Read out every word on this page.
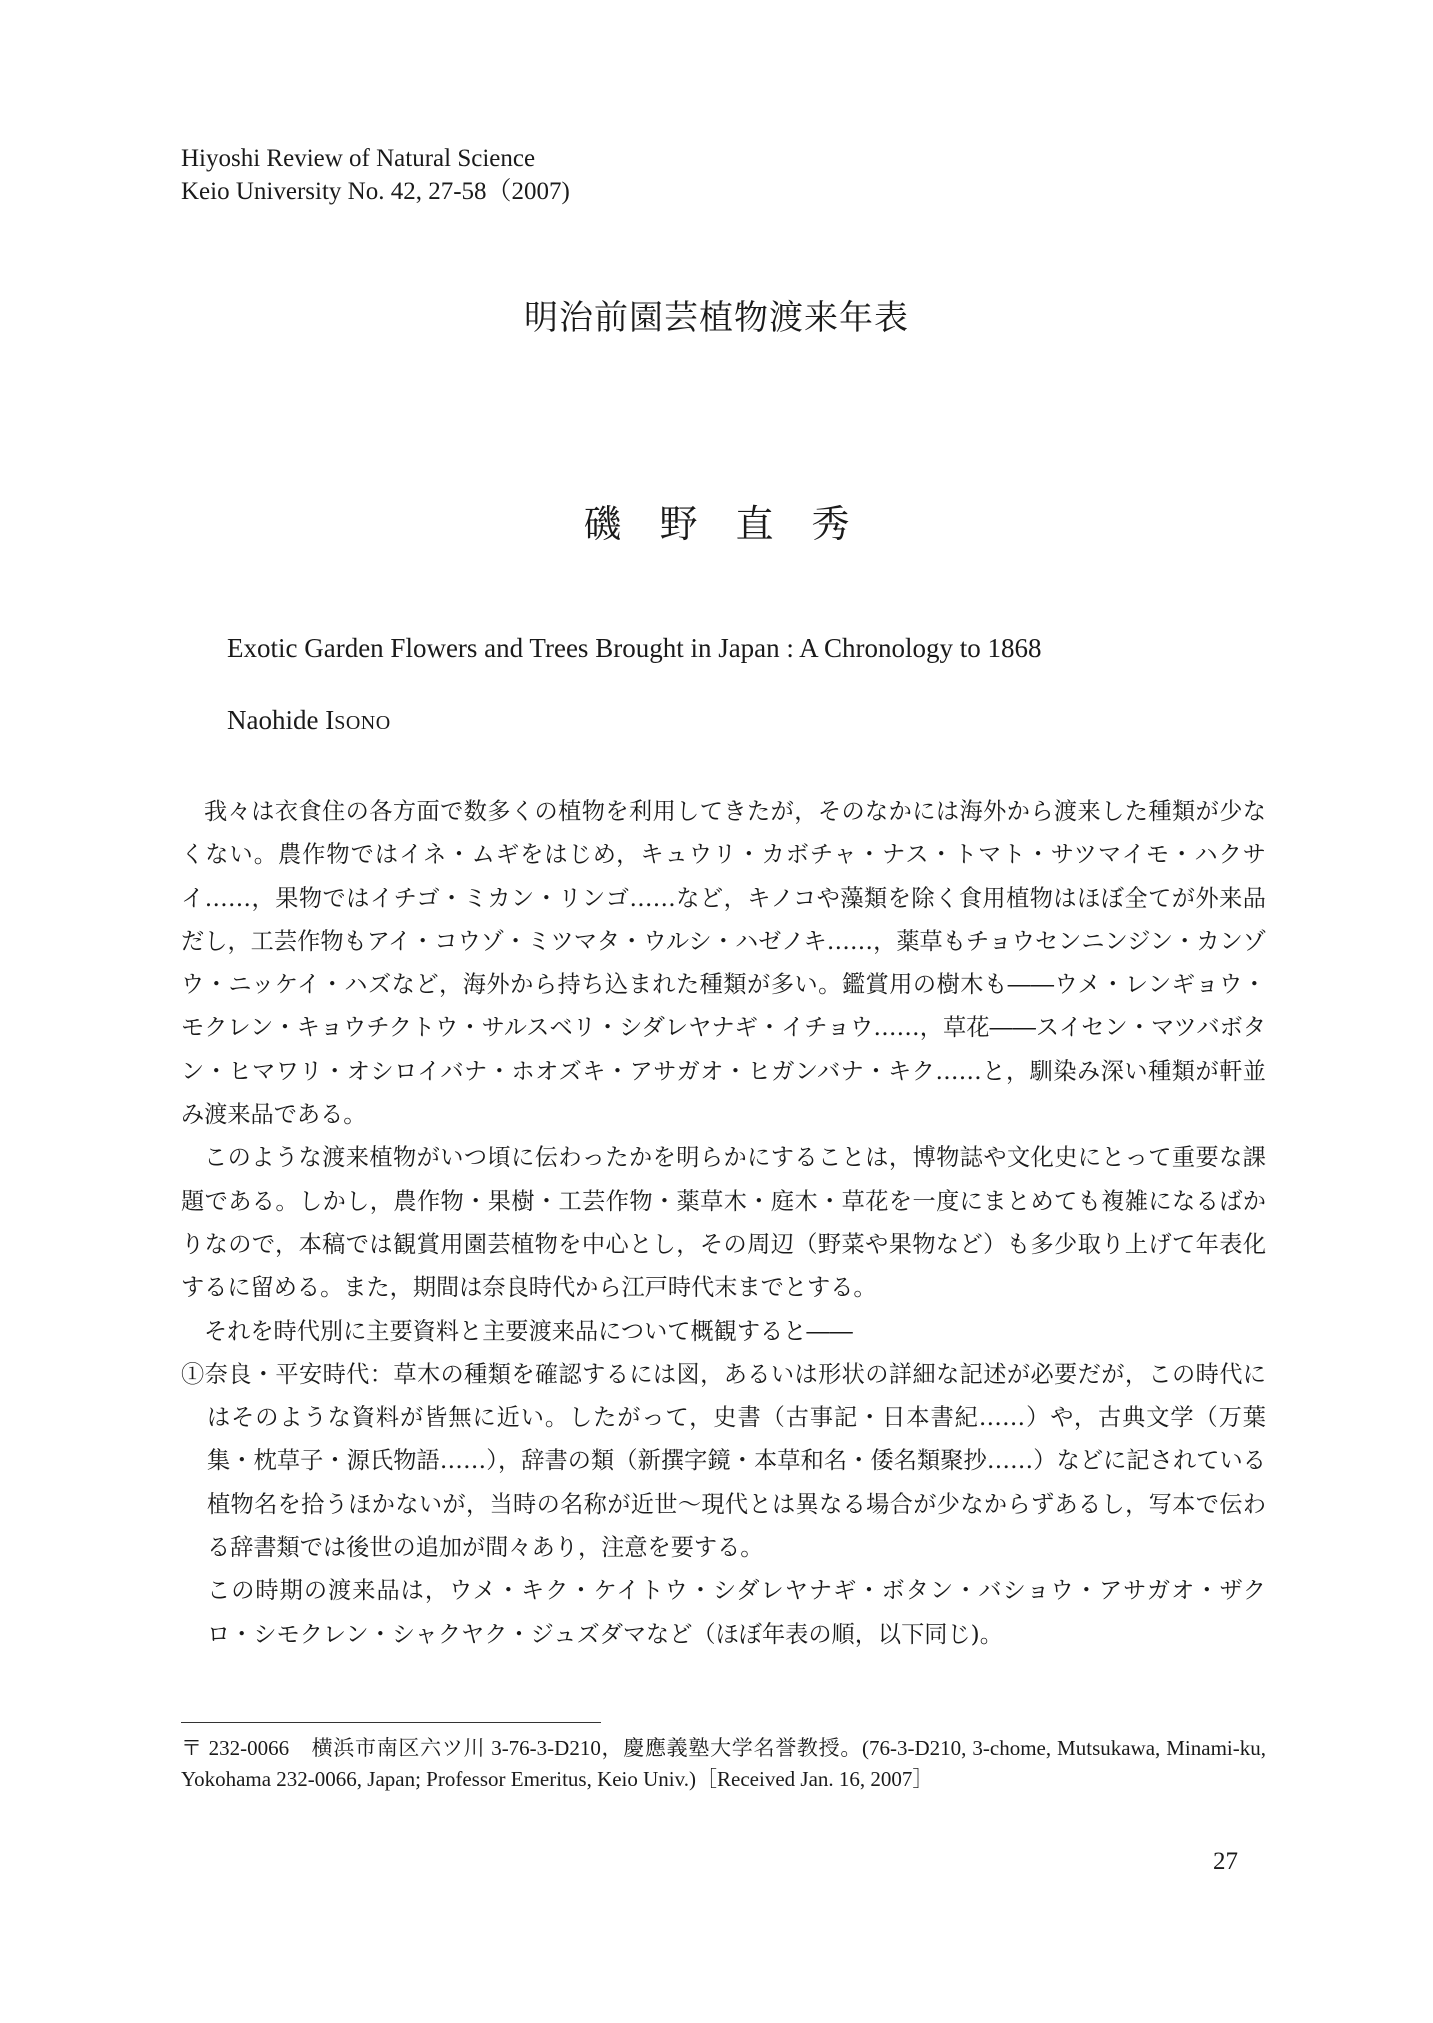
Hiyoshi Review of Natural Science
Keio University No. 42, 27-58（2007)
明治前園芸植物渡来年表
磯野直秀
Exotic Garden Flowers and Trees Brought in Japan : A Chronology to 1868
Naohide ISONO

我々は衣食住の各方面で数多くの植物を利用してきたが，そのなかには海外から渡来した種類が少なくない。農作物ではイネ・ムギをはじめ，キュウリ・カボチャ・ナス・トマト・サツマイモ・ハクサイ……，果物ではイチゴ・ミカン・リンゴ……など，キノコや藻類を除く食用植物はほぼ全てが外来品だし，工芸作物もアイ・コウゾ・ミツマタ・ウルシ・ハゼノキ……，薬草もチョウセンニンジン・カンゾウ・ニッケイ・ハズなど，海外から持ち込まれた種類が多い。鑑賞用の樹木も――ウメ・レンギョウ・モクレン・キョウチクトウ・サルスベリ・シダレヤナギ・イチョウ……，草花――スイセン・マツバボタン・ヒマワリ・オシロイバナ・ホオズキ・アサガオ・ヒガンバナ・キク……と，馴染み深い種類が軒並み渡来品である。

このような渡来植物がいつ頃に伝わったかを明らかにすることは，博物誌や文化史にとって重要な課題である。しかし，農作物・果樹・工芸作物・薬草木・庭木・草花を一度にまとめても複雑になるばかりなので，本稿では観賞用園芸植物を中心とし，その周辺（野菜や果物など）も多少取り上げて年表化するに留める。また，期間は奈良時代から江戸時代末までとする。

それを時代別に主要資料と主要渡来品について概観すると――

①奈良・平安時代：草木の種類を確認するには図，あるいは形状の詳細な記述が必要だが，この時代にはそのような資料が皆無に近い。したがって，史書（古事記・日本書紀……）や，古典文学（万葉集・枕草子・源氏物語……），辞書の類（新撰字鏡・本草和名・倭名類聚抄……）などに記されている植物名を拾うほかないが，当時の名称が近世～現代とは異なる場合が少なからずあるし，写本で伝わる辞書類では後世の追加が間々あり，注意を要する。

この時期の渡来品は，ウメ・キク・ケイトウ・シダレヤナギ・ボタン・バショウ・アサガオ・ザクロ・シモクレン・シャクヤク・ジュズダマなど（ほぼ年表の順，以下同じ)。

〒 232-0066　横浜市南区六ツ川 3-76-3-D210，慶應義塾大学名誉教授。(76-3-D210, 3-chome, Mutsukawa, Minami-ku, Yokohama 232-0066, Japan; Professor Emeritus, Keio Univ.)［Received Jan. 16, 2007］
27
